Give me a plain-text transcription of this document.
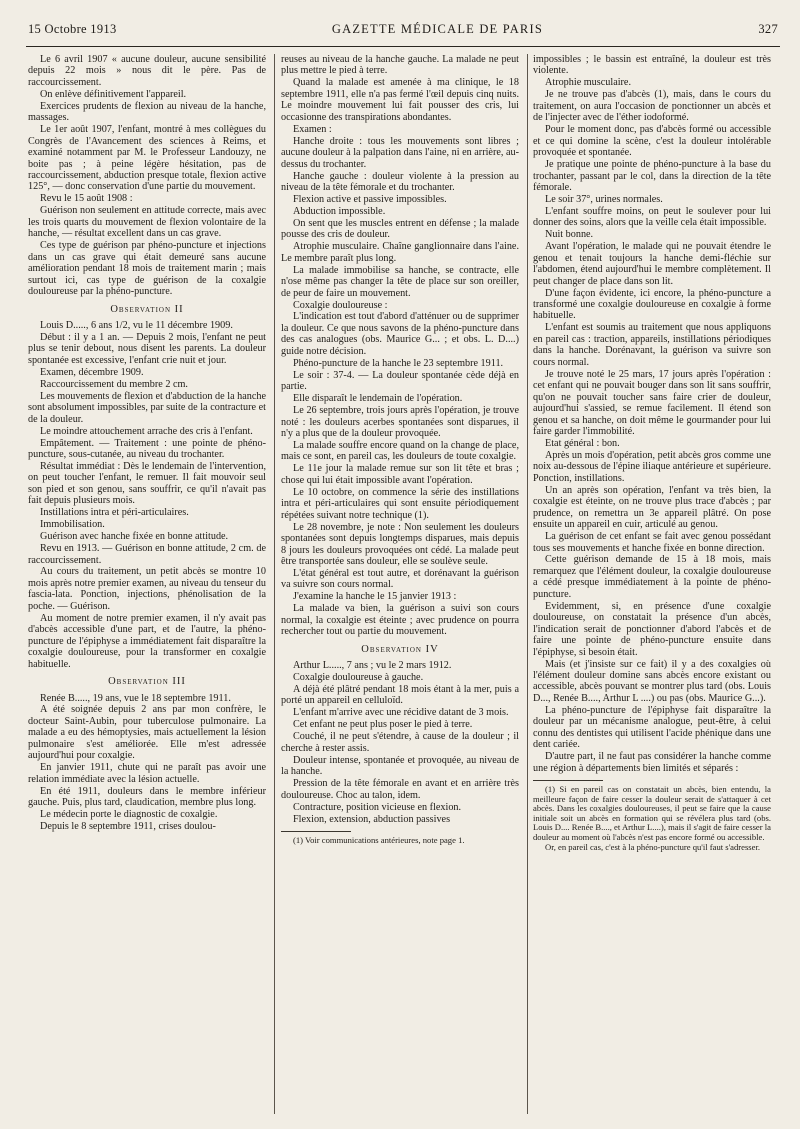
15 Octobre 1913	GAZETTE MÉDICALE DE PARIS	327

Le 6 avril 1907 « aucune douleur, aucune sensibilité depuis 22 mois » nous dit le père. Pas de raccourcissement.

On enlève définitivement l'appareil.

Exercices prudents de flexion au niveau de la hanche, massages.

Le 1er août 1907, l'enfant, montré à mes collègues du Congrès de l'Avancement des sciences à Reims, et examiné notamment par M. le Professeur Landouzy, ne boite pas ; à peine légère hésitation, pas de raccourcissement, abduction presque totale, flexion active 125°, — donc conservation d'une partie du mouvement.

Revu le 15 août 1908 :

Guérison non seulement en attitude correcte, mais avec les trois quarts du mouvement de flexion volontaire de la hanche, — résultat excellent dans un cas grave.

Ces type de guérison par phéno-puncture et injections dans un cas grave qui était demeuré sans aucune amélioration pendant 18 mois de traitement marin ; mais surtout ici, cas type de guérison de la coxalgie douloureuse par la phéno-puncture.

Observation II

Louis D....., 6 ans 1/2, vu le 11 décembre 1909.

Début : il y a 1 an. — Depuis 2 mois, l'enfant ne peut plus se tenir debout, nous disent les parents. La douleur spontanée est excessive, l'enfant crie nuit et jour.

Examen, décembre 1909.

Raccourcissement du membre 2 cm.

Les mouvements de flexion et d'abduction de la hanche sont absolument impossibles, par suite de la contracture et de la douleur.

Le moindre attouchement arrache des cris à l'enfant.

Empâtement. — Traitement : une pointe de phéno-puncture, sous-cutanée, au niveau du trochanter.

Résultat immédiat : Dès le lendemain de l'intervention, on peut toucher l'enfant, le remuer. Il fait mouvoir seul son pied et son genou, sans souffrir, ce qu'il n'avait pas fait depuis plusieurs mois.

Instillations intra et péri-articulaires.

Immobilisation.

Guérison avec hanche fixée en bonne attitude.

Revu en 1913. — Guérison en bonne attitude, 2 cm. de raccourcissement.

Au cours du traitement, un petit abcès se montre 10 mois après notre premier examen, au niveau du tenseur du fascia-lata. Ponction, injections, phénolisation de la poche. — Guérison.

Au moment de notre premier examen, il n'y avait pas d'abcès accessible d'une part, et de l'autre, la phéno-puncture de l'épiphyse a immédiatement fait disparaître la coxalgie douloureuse, pour la transformer en coxalgie habituelle.

Observation III

Renée B....., 19 ans, vue le 18 septembre 1911.

A été soignée depuis 2 ans par mon confrère, le docteur Saint-Aubin, pour tuberculose pulmonaire. La malade a eu des hémoptysies, mais actuellement la lésion pulmonaire s'est améliorée. Elle m'est adressée aujourd'hui pour coxalgie.

En janvier 1911, chute qui ne paraît pas avoir une relation immédiate avec la lésion actuelle.

En été 1911, douleurs dans le membre inférieur gauche. Puis, plus tard, claudication, membre plus long.

Le médecin porte le diagnostic de coxalgie.

Depuis le 8 septembre 1911, crises doulou-

reuses au niveau de la hanche gauche. La malade ne peut plus mettre le pied à terre.

Quand la malade est amenée à ma clinique, le 18 septembre 1911, elle n'a pas fermé l'œil depuis cinq nuits. Le moindre mouvement lui fait pousser des cris, lui occasionne des transpirations abondantes.

Examen :

Hanche droite : tous les mouvements sont libres ; aucune douleur à la palpation dans l'aine, ni en arrière, au-dessus du trochanter.

Hanche gauche : douleur violente à la pression au niveau de la tête fémorale et du trochanter.

Flexion active et passive impossibles.

Abduction impossible.

On sent que les muscles entrent en défense ; la malade pousse des cris de douleur.

Atrophie musculaire. Chaîne ganglionnaire dans l'aine. Le membre paraît plus long.

La malade immobilise sa hanche, se contracte, elle n'ose même pas changer la tête de place sur son oreiller, de peur de faire un mouvement.

Coxalgie douloureuse :

L'indication est tout d'abord d'atténuer ou de supprimer la douleur. Ce que nous savons de la phéno-puncture dans des cas analogues (obs. Maurice G... ; et obs. L. D....) guide notre décision.

Phéno-puncture de la hanche le 23 septembre 1911.

Le soir : 37-4. — La douleur spontanée cède déjà en partie.

Elle disparaît le lendemain de l'opération.

Le 26 septembre, trois jours après l'opération, je trouve noté : les douleurs acerbes spontanées sont disparues, il n'y a plus que de la douleur provoquée.

La malade souffre encore quand on la change de place, mais ce sont, en pareil cas, les douleurs de toute coxalgie.

Le 11e jour la malade remue sur son lit tête et bras ; chose qui lui était impossible avant l'opération.

Le 10 octobre, on commence la série des instillations intra et péri-articulaires qui sont ensuite périodiquement répétées suivant notre technique (1).

Le 28 novembre, je note : Non seulement les douleurs spontanées sont depuis longtemps disparues, mais depuis 8 jours les douleurs provoquées ont cédé. La malade peut être transportée sans douleur, elle se soulève seule.

L'état général est tout autre, et dorénavant la guérison va suivre son cours normal.

J'examine la hanche le 15 janvier 1913 :

La malade va bien, la guérison a suivi son cours normal, la coxalgie est éteinte ; avec prudence on pourra rechercher tout ou partie du mouvement.

Observation IV

Arthur L....., 7 ans ; vu le 2 mars 1912.

Coxalgie douloureuse à gauche.

A déjà été plâtré pendant 18 mois étant à la mer, puis a porté un appareil en celluloïd.

L'enfant m'arrive avec une récidive datant de 3 mois.

Cet enfant ne peut plus poser le pied à terre.

Couché, il ne peut s'étendre, à cause de la douleur ; il cherche à rester assis.

Douleur intense, spontanée et provoquée, au niveau de la hanche.

Pression de la tête fémorale en avant et en arrière très douloureuse. Choc au talon, idem.

Contracture, position vicieuse en flexion.

Flexion, extension, abduction passives

(1) Voir communications antérieures, note page 1.

impossibles ; le bassin est entraîné, la douleur est très violente.

Atrophie musculaire.

Je ne trouve pas d'abcès (1), mais, dans le cours du traitement, on aura l'occasion de ponctionner un abcès et de l'injecter avec de l'éther iodoformé.

Pour le moment donc, pas d'abcès formé ou accessible et ce qui domine la scène, c'est la douleur intolérable provoquée et spontanée.

Je pratique une pointe de phéno-puncture à la base du trochanter, passant par le col, dans la direction de la tête fémorale.

Le soir 37°, urines normales.

L'enfant souffre moins, on peut le soulever pour lui donner des soins, alors que la veille cela était impossible.

Nuit bonne.

Avant l'opération, le malade qui ne pouvait étendre le genou et tenait toujours la hanche demi-fléchie sur l'abdomen, étend aujourd'hui le membre complètement. Il peut changer de place dans son lit.

D'une façon évidente, ici encore, la phéno-puncture a transformé une coxalgie douloureuse en coxalgie à forme habituelle.

L'enfant est soumis au traitement que nous appliquons en pareil cas : traction, appareils, instillations périodiques dans la hanche. Dorénavant, la guérison va suivre son cours normal.

Je trouve noté le 25 mars, 17 jours après l'opération : cet enfant qui ne pouvait bouger dans son lit sans souffrir, qu'on ne pouvait toucher sans faire crier de douleur, aujourd'hui s'assied, se remue facilement. Il étend son genou et sa hanche, on doit même le gourmander pour lui faire garder l'immobilité.

Etat général : bon.

Après un mois d'opération, petit abcès gros comme une noix au-dessous de l'épine iliaque antérieure et supérieure. Ponction, instillations.

Un an après son opération, l'enfant va très bien, la coxalgie est éteinte, on ne trouve plus trace d'abcès ; par prudence, on remettra un 3e appareil plâtré. On pose ensuite un appareil en cuir, articulé au genou.

La guérison de cet enfant se fait avec genou possédant tous ses mouvements et hanche fixée en bonne direction.

Cette guérison demande de 15 à 18 mois, mais remarquez que l'élément douleur, la coxalgie douloureuse a cédé presque immédiatement à la pointe de phéno-puncture.

Evidemment, si, en présence d'une coxalgie douloureuse, on constatait la présence d'un abcès, l'indication serait de ponctionner d'abord l'abcès et de faire une pointe de phéno-puncture ensuite dans l'épiphyse, si besoin était.

Mais (et j'insiste sur ce fait) il y a des coxalgies où l'élément douleur domine sans abcès encore existant ou accessible, abcès pouvant se montrer plus tard (obs. Louis D..., Renée B...., Arthur L ....) ou pas (obs. Maurice G...).

La phéno-puncture de l'épiphyse fait disparaître la douleur par un mécanisme analogue, peut-être, à celui connu des dentistes qui utilisent l'acide phénique dans une dent cariée.

D'autre part, il ne faut pas considérer la hanche comme une région à départements bien limités et séparés :

(1) Si en pareil cas on constatait un abcès, bien entendu, la meilleure façon de faire cesser la douleur serait de s'attaquer à cet abcès. Dans les coxalgies douloureuses, il peut se faire que la cause initiale soit un abcès en formation qui se révélera plus tard (obs. Louis D.... Renée B...., et Arthur L....), mais il s'agit de faire cesser la douleur au moment où l'abcès n'est pas encore formé ou accessible.

Or, en pareil cas, c'est à la phéno-puncture qu'il faut s'adresser.
